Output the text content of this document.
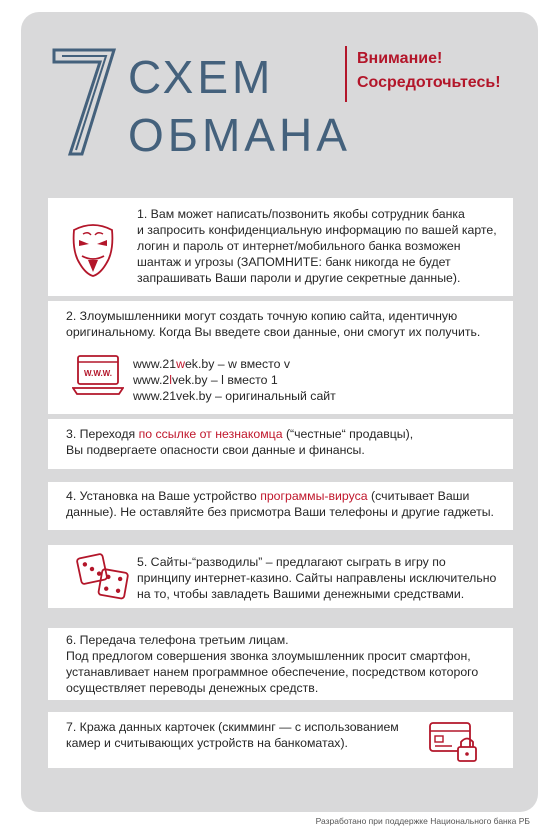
7
СХЕМ
ОБМАНА
Внимание!
Сосредоточьтесь!
1. Вам может написать/позвонить якобы сотрудник банка
и запросить конфиденциальную информацию по вашей карте,
логин и пароль от интернет/мобильного банка возможен
шантаж и угрозы (ЗАПОМНИТЕ: банк никогда не будет
запрашивать Ваши пароли и другие секретные данные).
2. Злоумышленники могут создать точную копию сайта, идентичную
оригинальному. Когда Вы введете свои данные, они смогут их получить.
W.W.W.
www.21wek.by – w вместо v
www.2lvek.by – l вместо 1
www.21vek.by – оригинальный сайт
3. Переходя по ссылке от незнакомца (“честные“ продавцы),
Вы подвергаете опасности свои данные и финансы.
4. Установка на Ваше устройство программы-вируса (считывает Ваши
данные). Не оставляйте без присмотра Ваши телефоны и другие гаджеты.
5. Сайты-“разводилы” – предлагают сыграть в игру по
принципу интернет-казино. Сайты направлены исключительно
на то, чтобы завладеть Вашими денежными средствами.
6. Передача телефона третьим лицам.
Под предлогом совершения звонка злоумышленник просит смартфон,
устанавливает нанем программное обеспечение, посредством которого
осуществляет переводы денежных средств.
7. Кража данных карточек (скимминг — с использованием
камер и считывающих устройств на банкоматах).
Разработано при поддержке Национального банка РБ
